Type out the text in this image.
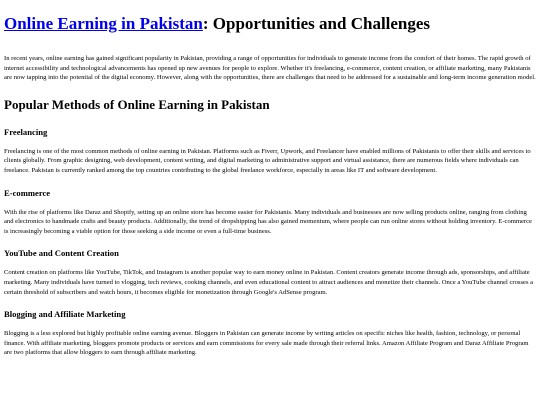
Online Earning in Pakistan: Opportunities and Challenges

In recent years, online earning has gained significant popularity in Pakistan, providing a range of opportunities for individuals to generate income from the comfort of their homes. The rapid growth of internet accessibility and technological advancements has opened up new avenues for people to explore. Whether it's freelancing, e-commerce, content creation, or affiliate marketing, many Pakistanis are now tapping into the potential of the digital economy. However, along with the opportunities, there are challenges that need to be addressed for a sustainable and long-term income generation model.

Popular Methods of Online Earning in Pakistan
Freelancing

Freelancing is one of the most common methods of online earning in Pakistan. Platforms such as Fiverr, Upwork, and Freelancer have enabled millions of Pakistanis to offer their skills and services to clients globally. From graphic designing, web development, content writing, and digital marketing to administrative support and virtual assistance, there are numerous fields where individuals can freelance. Pakistan is currently ranked among the top countries contributing to the global freelance workforce, especially in areas like IT and software development.

E-commerce

With the rise of platforms like Daraz and Shopify, setting up an online store has become easier for Pakistanis. Many individuals and businesses are now selling products online, ranging from clothing and electronics to handmade crafts and beauty products. Additionally, the trend of dropshipping has also gained momentum, where people can run online stores without holding inventory. E-commerce is increasingly becoming a viable option for those seeking a side income or even a full-time business.

YouTube and Content Creation

Content creation on platforms like YouTube, TikTok, and Instagram is another popular way to earn money online in Pakistan. Content creators generate income through ads, sponsorships, and affiliate marketing. Many individuals have turned to vlogging, tech reviews, cooking channels, and even educational content to attract audiences and monetize their channels. Once a YouTube channel crosses a certain threshold of subscribers and watch hours, it becomes eligible for monetization through Google's AdSense program.

Blogging and Affiliate Marketing

Blogging is a less explored but highly profitable online earning avenue. Bloggers in Pakistan can generate income by writing articles on specific niches like health, fashion, technology, or personal finance. With affiliate marketing, bloggers promote products or services and earn commissions for every sale made through their referral links. Amazon Affiliate Program and Daraz Affiliate Program are two platforms that allow bloggers to earn through affiliate marketing.
